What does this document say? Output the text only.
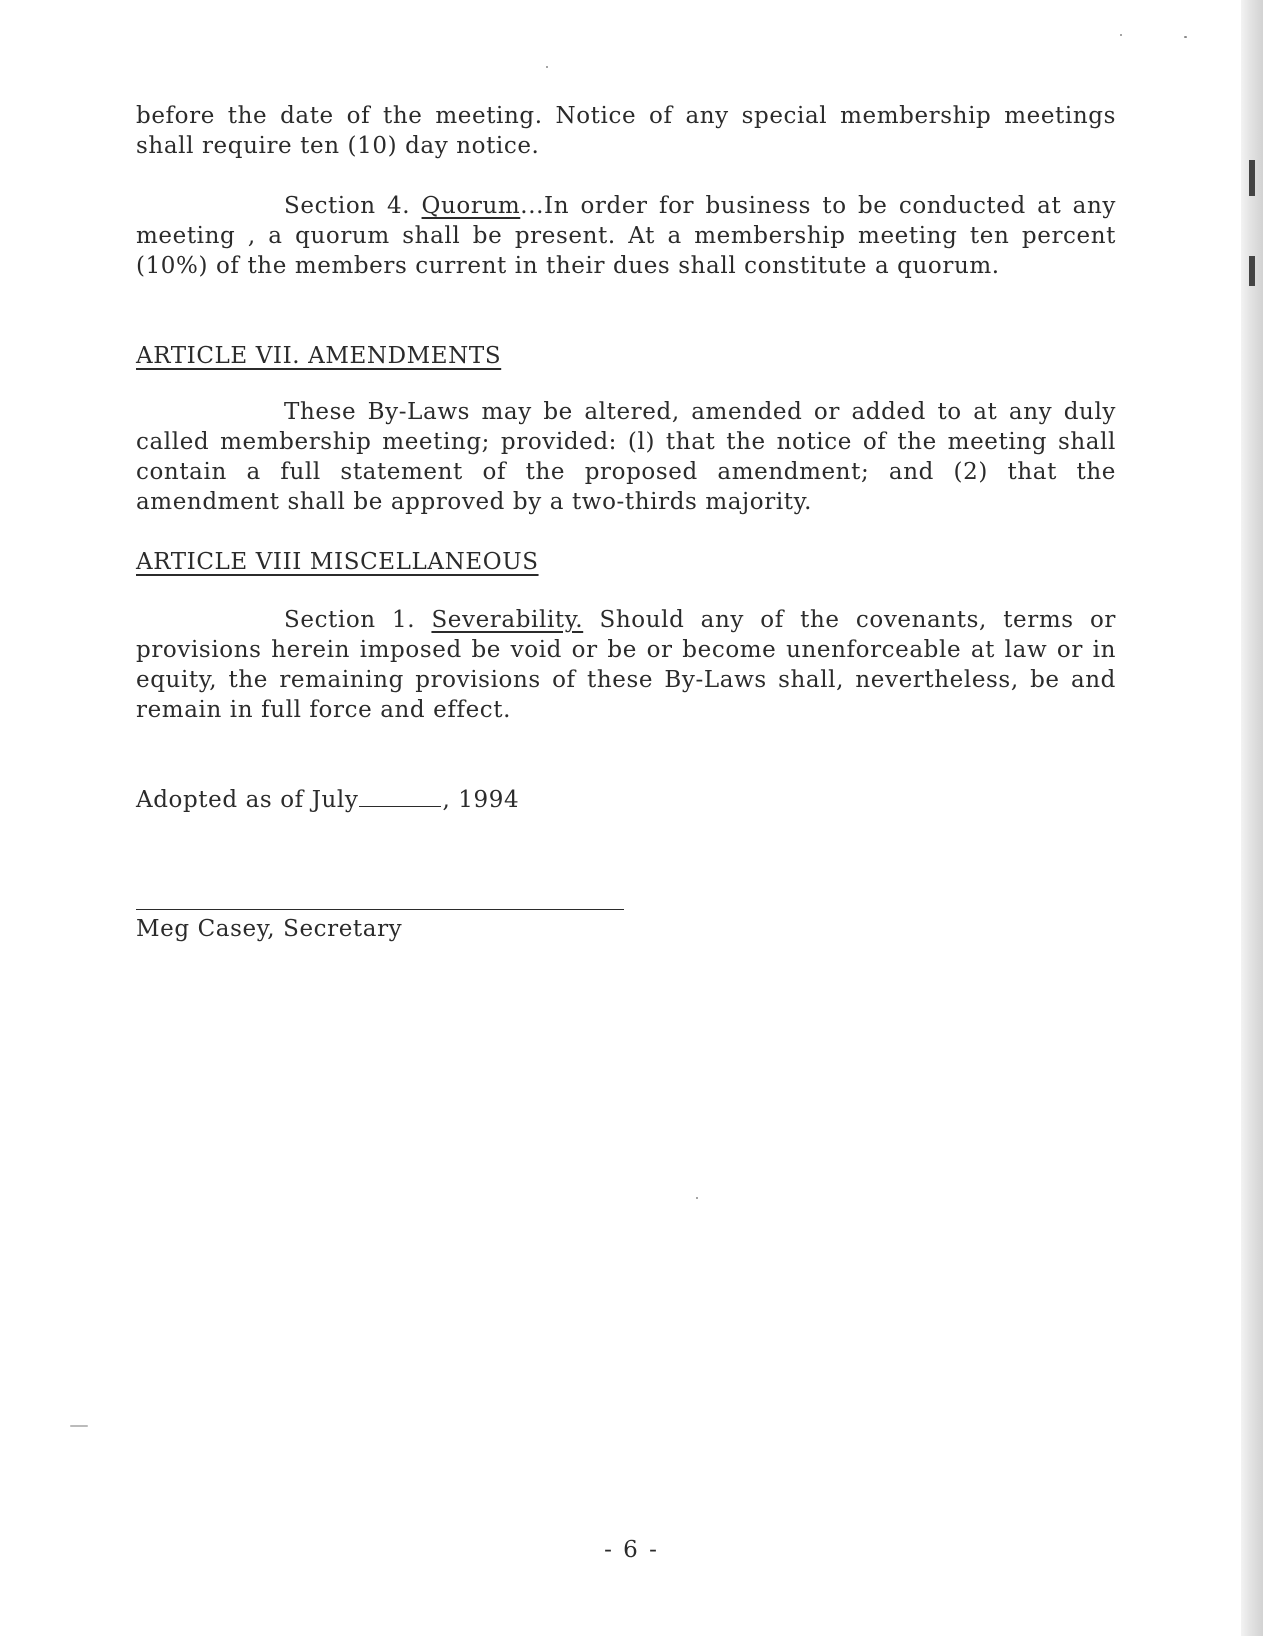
before the date of the meeting. Notice of any special membership meetings shall require ten (10) day notice.

Section 4. Quorum...In order for business to be conducted at any meeting , a quorum shall be present. At a membership meeting ten percent (10%) of the members current in their dues shall constitute a quorum.

ARTICLE VII. AMENDMENTS

These By-Laws may be altered, amended or added to at any duly called membership meeting; provided: (l) that the notice of the meeting shall contain a full statement of the proposed amendment; and (2) that the amendment shall be approved by a two-thirds majority.

ARTICLE VIII MISCELLANEOUS

Section 1. Severability. Should any of the covenants, terms or provisions herein imposed be void or be or become unenforceable at law or in equity, the remaining provisions of these By-Laws shall, nevertheless, be and remain in full force and effect.

Adopted as of July	, 1994

Meg Casey, Secretary

- 6 -
